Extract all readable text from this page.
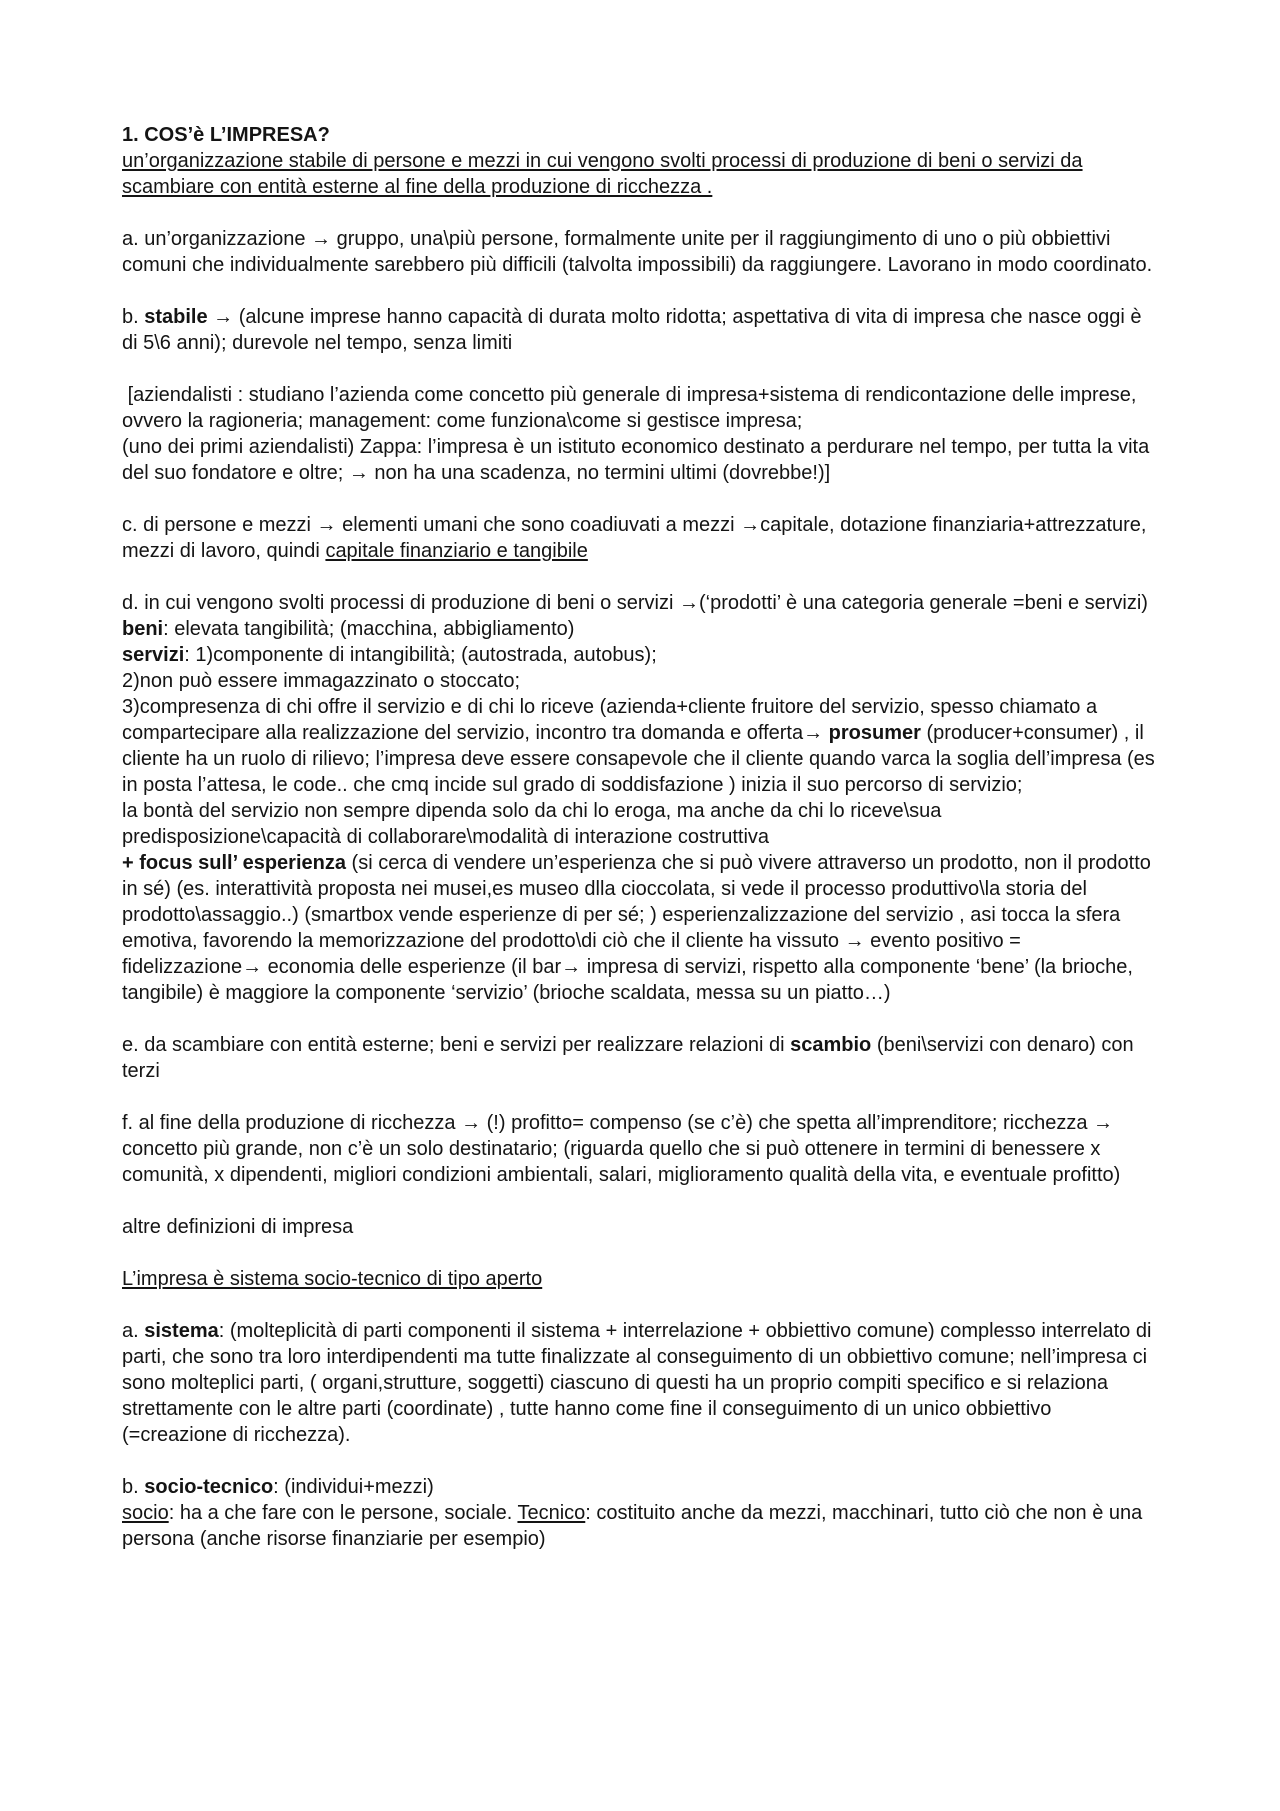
1. COS’è L’IMPRESA?

un’organizzazione stabile di persone e mezzi in cui vengono svolti processi di produzione di beni o servizi da scambiare con entità esterne al fine della produzione di ricchezza .

a. un’organizzazione → gruppo, una\più persone, formalmente unite per il raggiungimento di uno o più obbiettivi comuni che individualmente sarebbero più difficili (talvolta impossibili) da raggiungere. Lavorano in modo coordinato.

b. stabile → (alcune imprese hanno capacità di durata molto ridotta; aspettativa di vita di impresa che nasce oggi è di 5\6 anni); durevole nel tempo, senza limiti

[aziendalisti : studiano l’azienda come concetto più generale di impresa+sistema di rendicontazione delle imprese, ovvero la ragioneria; management: come funziona\come si gestisce impresa;

(uno dei primi aziendalisti) Zappa: l’impresa è un istituto economico destinato a perdurare nel tempo, per tutta la vita del suo fondatore e oltre; → non ha una scadenza, no termini ultimi (dovrebbe!)]

c. di persone e mezzi → elementi umani che sono coadiuvati a mezzi →capitale, dotazione finanziaria+attrezzature, mezzi di lavoro, quindi capitale finanziario e tangibile

d. in cui vengono svolti processi di produzione di beni o servizi →(‘prodotti’ è una categoria generale =beni e servizi) beni: elevata tangibilità; (macchina, abbigliamento)

servizi: 1)componente di intangibilità; (autostrada, autobus);

2)non può essere immagazzinato o stoccato;

3)compresenza di chi offre il servizio e di chi lo riceve (azienda+cliente fruitore del servizio, spesso chiamato a compartecipare alla realizzazione del servizio, incontro tra domanda e offerta→ prosumer (producer+consumer) , il cliente ha un ruolo di rilievo; l’impresa deve essere consapevole che il cliente quando varca la soglia dell’impresa (es in posta l’attesa, le code.. che cmq incide sul grado di soddisfazione ) inizia il suo percorso di servizio;

la bontà del servizio non sempre dipenda solo da chi lo eroga, ma anche da chi lo riceve\sua predisposizione\capacità di collaborare\modalità di interazione costruttiva

+ focus sull’ esperienza (si cerca di vendere un’esperienza che si può vivere attraverso un prodotto, non il prodotto in sé) (es. interattività proposta nei musei,es museo dlla cioccolata, si vede il processo produttivo\la storia del prodotto\assaggio..) (smartbox vende esperienze di per sé; ) esperienzalizzazione del servizio , asi tocca la sfera emotiva, favorendo la memorizzazione del prodotto\di ciò che il cliente ha vissuto → evento positivo = fidelizzazione→ economia delle esperienze (il bar→ impresa di servizi, rispetto alla componente ‘bene’ (la brioche, tangibile) è maggiore la componente ‘servizio’ (brioche scaldata, messa su un piatto…)

e. da scambiare con entità esterne; beni e servizi per realizzare relazioni di scambio (beni\servizi con denaro) con terzi

f. al fine della produzione di ricchezza → (!) profitto= compenso (se c’è) che spetta all’imprenditore; ricchezza → concetto più grande, non c’è un solo destinatario; (riguarda quello che si può ottenere in termini di benessere x comunità, x dipendenti, migliori condizioni ambientali, salari, miglioramento qualità della vita, e eventuale profitto)

altre definizioni di impresa

L’impresa è sistema socio-tecnico di tipo aperto

a. sistema: (molteplicità di parti componenti il sistema + interrelazione + obbiettivo comune) complesso interrelato di parti, che sono tra loro interdipendenti ma tutte finalizzate al conseguimento di un obbiettivo comune; nell’impresa ci sono molteplici parti, ( organi,strutture, soggetti) ciascuno di questi ha un proprio compiti specifico e si relaziona strettamente con le altre parti (coordinate) , tutte hanno come fine il conseguimento di un unico obbiettivo (=creazione di ricchezza).

b. socio-tecnico: (individui+mezzi)

socio: ha a che fare con le persone, sociale. Tecnico: costituito anche da mezzi, macchinari, tutto ciò che non è una persona (anche risorse finanziarie per esempio)
